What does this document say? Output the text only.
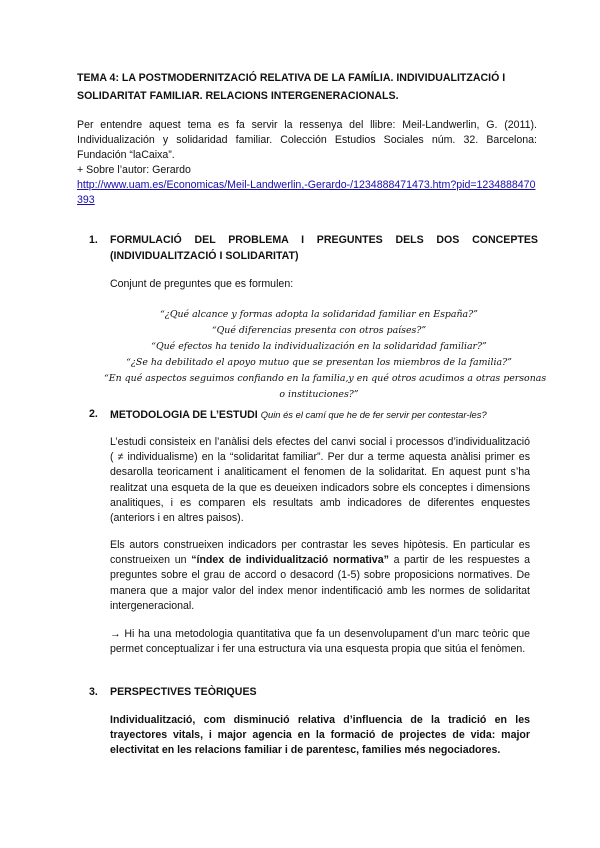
TEMA 4: LA POSTMODERNITZACIÓ RELATIVA DE LA FAMÍLIA. INDIVIDUALITZACIÓ I SOLIDARITAT FAMILIAR. RELACIONS INTERGENERACIONALS.
Per entendre aquest tema es fa servir la ressenya del llibre: Meil-Landwerlin, G. (2011). Individualización y solidaridad familiar. Colección Estudios Sociales núm. 32. Barcelona: Fundación “laCaixa”.
+ Sobre l’autor: Gerardo
http://www.uam.es/Economicas/Meil-Landwerlin,-Gerardo-/1234888471473.htm?pid=1234888470393
1. FORMULACIÓ DEL PROBLEMA I PREGUNTES DELS DOS CONCEPTES (INDIVIDUALITZACIÓ I SOLIDARITAT)
Conjunt de preguntes que es formulen:
“¿Qué alcance y formas adopta la solidaridad familiar en España?”
“Qué diferencias presenta con otros países?”
“Qué efectos ha tenido la individualización en la solidaridad familiar?”
“¿Se ha debilitado el apoyo mutuo que se presentan los miembros de la familia?”
“En qué aspectos seguimos confiando en la familia,y en qué otros acudimos a otras personas
o instituciones?”
2. METODOLOGIA DE L’ESTUDI Quin és el camí que he de fer servir per contestar-les?
L’estudi consisteix en l’anàlisi dels efectes del canvi social i processos d’individualització ( ≠ individualisme) en la “solidaritat familiar”. Per dur a terme aquesta anàlisi primer es desarolla teoricament i analiticament el fenomen de la solidaritat. En aquest punt s’ha realitzat una esqueta de la que es deueixen indicadors sobre els conceptes i dimensions analitiques, i es comparen els resultats amb indicadores de diferentes enquestes (anteriors i en altres paisos).
Els autors construeixen indicadors per contrastar les seves hipòtesis. En particular es construeixen un “índex de individualització normativa” a partir de les respuestes a preguntes sobre el grau de accord o desacord (1-5) sobre proposicions normatives. De manera que a major valor del index menor indentificació amb les normes de solidaritat intergeneracional.
→ Hi ha una metodologia quantitativa que fa un desenvolupament d’un marc teòric que permet conceptualizar i fer una estructura via una esquesta propia que sitúa el fenòmen.
3. PERSPECTIVES TEÒRIQUES
Individualització, com disminució relativa d’influencia de la tradició en les trayectores vitals, i major agencia en la formació de projectes de vida: major electivitat en les relacions familiar i de parentesc, families més negociadores.
